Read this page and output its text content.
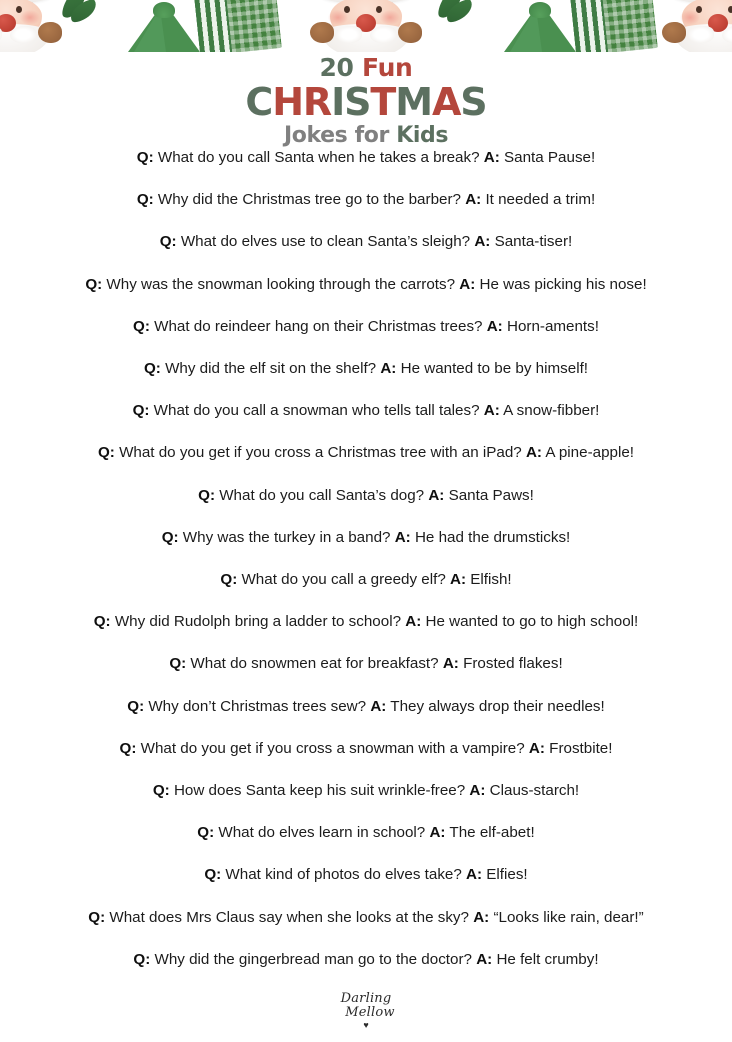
20 Fun
CHRISTMAS
Jokes for Kids

Q: What do you call Santa when he takes a break? A: Santa Pause!

Q: Why did the Christmas tree go to the barber? A: It needed a trim!

Q: What do elves use to clean Santa’s sleigh? A: Santa-tiser!

Q: Why was the snowman looking through the carrots? A: He was picking his nose!

Q: What do reindeer hang on their Christmas trees? A: Horn-aments!

Q: Why did the elf sit on the shelf? A: He wanted to be by himself!

Q: What do you call a snowman who tells tall tales? A: A snow-fibber!

Q: What do you get if you cross a Christmas tree with an iPad? A: A pine-apple!

Q: What do you call Santa’s dog? A: Santa Paws!

Q: Why was the turkey in a band? A: He had the drumsticks!

Q: What do you call a greedy elf? A: Elfish!

Q: Why did Rudolph bring a ladder to school? A: He wanted to go to high school!

Q: What do snowmen eat for breakfast? A: Frosted flakes!

Q: Why don’t Christmas trees sew? A: They always drop their needles!

Q: What do you get if you cross a snowman with a vampire? A: Frostbite!

Q: How does Santa keep his suit wrinkle-free? A: Claus-starch!

Q: What do elves learn in school? A: The elf-abet!

Q: What kind of photos do elves take? A: Elfies!

Q: What does Mrs Claus say when she looks at the sky? A: “Looks like rain, dear!”

Q: Why did the gingerbread man go to the doctor? A: He felt crumby!

Darling
Mellow
♥
